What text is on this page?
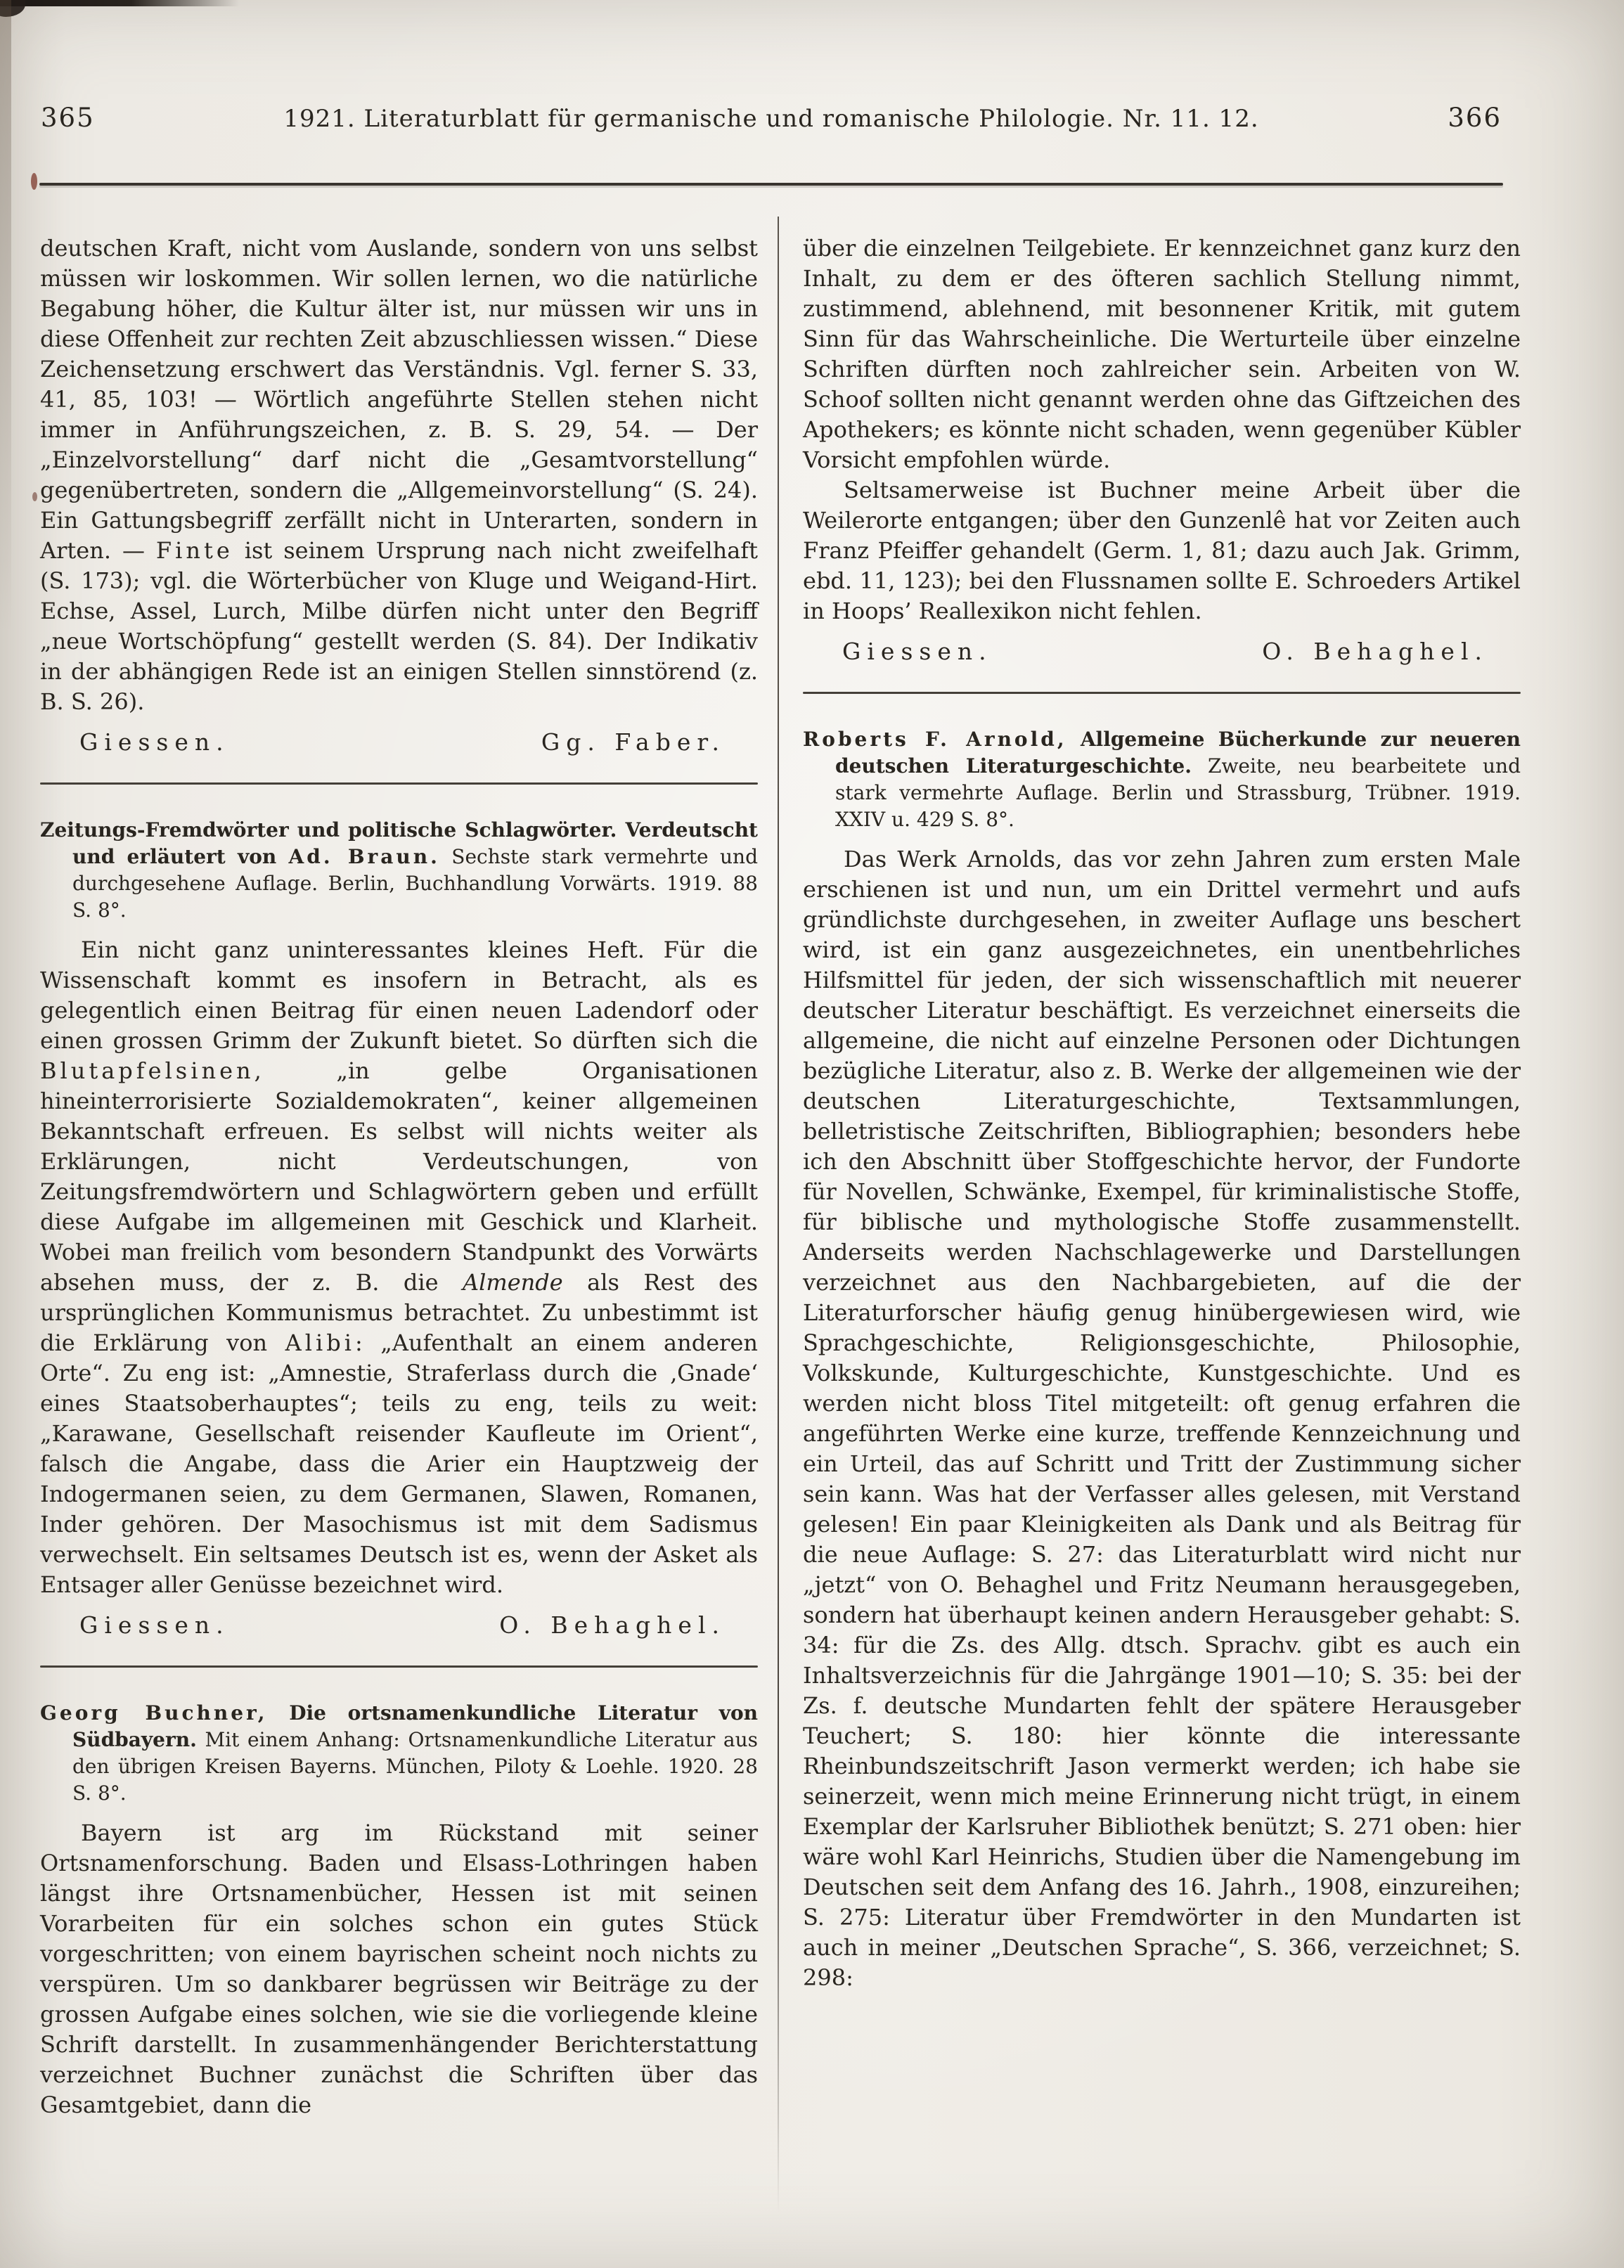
365	1921. Literaturblatt für germanische und romanische Philologie. Nr. 11. 12.	366

deutschen Kraft, nicht vom Auslande, sondern von uns selbst müssen wir loskommen. Wir sollen lernen, wo die natürliche Begabung höher, die Kultur älter ist, nur müssen wir uns in diese Offenheit zur rechten Zeit abzuschliessen wissen.“ Diese Zeichensetzung erschwert das Verständnis. Vgl. ferner S. 33, 41, 85, 103! — Wörtlich angeführte Stellen stehen nicht immer in Anführungszeichen, z. B. S. 29, 54. — Der „Einzelvorstellung“ darf nicht die „Gesamtvorstellung“ gegenübertreten, sondern die „Allgemeinvorstellung“ (S. 24). Ein Gattungsbegriff zerfällt nicht in Unterarten, sondern in Arten. — Finte ist seinem Ursprung nach nicht zweifelhaft (S. 173); vgl. die Wörterbücher von Kluge und Weigand-Hirt. Echse, Assel, Lurch, Milbe dürfen nicht unter den Begriff „neue Wortschöpfung“ gestellt werden (S. 84). Der Indikativ in der abhängigen Rede ist an einigen Stellen sinnstörend (z. B. S. 26).

Giessen.	Gg. Faber.

Zeitungs-Fremdwörter und politische Schlagwörter. Verdeutscht und erläutert von Ad. Braun. Sechste stark vermehrte und durchgesehene Auflage. Berlin, Buchhandlung Vorwärts. 1919. 88 S. 8°.

Ein nicht ganz uninteressantes kleines Heft. Für die Wissenschaft kommt es insofern in Betracht, als es gelegentlich einen Beitrag für einen neuen Ladendorf oder einen grossen Grimm der Zukunft bietet. So dürften sich die Blutapfelsinen, „in gelbe Organisationen hineinterrorisierte Sozialdemokraten“, keiner allgemeinen Bekanntschaft erfreuen. Es selbst will nichts weiter als Erklärungen, nicht Verdeutschungen, von Zeitungsfremdwörtern und Schlagwörtern geben und erfüllt diese Aufgabe im allgemeinen mit Geschick und Klarheit. Wobei man freilich vom besondern Standpunkt des Vorwärts absehen muss, der z. B. die Almende als Rest des ursprünglichen Kommunismus betrachtet. Zu unbestimmt ist die Erklärung von Alibi: „Aufenthalt an einem anderen Orte“. Zu eng ist: „Amnestie, Straferlass durch die ‚Gnade‘ eines Staatsoberhauptes“; teils zu eng, teils zu weit: „Karawane, Gesellschaft reisender Kaufleute im Orient“, falsch die Angabe, dass die Arier ein Hauptzweig der Indogermanen seien, zu dem Germanen, Slawen, Romanen, Inder gehören. Der Masochismus ist mit dem Sadismus verwechselt. Ein seltsames Deutsch ist es, wenn der Asket als Entsager aller Genüsse bezeichnet wird.

Giessen.	O. Behaghel.

Georg Buchner, Die ortsnamenkundliche Literatur von Südbayern. Mit einem Anhang: Ortsnamenkundliche Literatur aus den übrigen Kreisen Bayerns. München, Piloty & Loehle. 1920. 28 S. 8°.

Bayern ist arg im Rückstand mit seiner Ortsnamenforschung. Baden und Elsass-Lothringen haben längst ihre Ortsnamenbücher, Hessen ist mit seinen Vorarbeiten für ein solches schon ein gutes Stück vorgeschritten; von einem bayrischen scheint noch nichts zu verspüren. Um so dankbarer begrüssen wir Beiträge zu der grossen Aufgabe eines solchen, wie sie die vorliegende kleine Schrift darstellt. In zusammenhängender Berichterstattung verzeichnet Buchner zunächst die Schriften über das Gesamtgebiet, dann die

über die einzelnen Teilgebiete. Er kennzeichnet ganz kurz den Inhalt, zu dem er des öfteren sachlich Stellung nimmt, zustimmend, ablehnend, mit besonnener Kritik, mit gutem Sinn für das Wahrscheinliche. Die Werturteile über einzelne Schriften dürften noch zahlreicher sein. Arbeiten von W. Schoof sollten nicht genannt werden ohne das Giftzeichen des Apothekers; es könnte nicht schaden, wenn gegenüber Kübler Vorsicht empfohlen würde.

Seltsamerweise ist Buchner meine Arbeit über die Weilerorte entgangen; über den Gunzenlê hat vor Zeiten auch Franz Pfeiffer gehandelt (Germ. 1, 81; dazu auch Jak. Grimm, ebd. 11, 123); bei den Flussnamen sollte E. Schroeders Artikel in Hoops’ Reallexikon nicht fehlen.

Giessen.	O. Behaghel.

Roberts F. Arnold, Allgemeine Bücherkunde zur neueren deutschen Literaturgeschichte. Zweite, neu bearbeitete und stark vermehrte Auflage. Berlin und Strassburg, Trübner. 1919. XXIV u. 429 S. 8°.

Das Werk Arnolds, das vor zehn Jahren zum ersten Male erschienen ist und nun, um ein Drittel vermehrt und aufs gründlichste durchgesehen, in zweiter Auflage uns beschert wird, ist ein ganz ausgezeichnetes, ein unentbehrliches Hilfsmittel für jeden, der sich wissenschaftlich mit neuerer deutscher Literatur beschäftigt. Es verzeichnet einerseits die allgemeine, die nicht auf einzelne Personen oder Dichtungen bezügliche Literatur, also z. B. Werke der allgemeinen wie der deutschen Literaturgeschichte, Textsammlungen, belletristische Zeitschriften, Bibliographien; besonders hebe ich den Abschnitt über Stoffgeschichte hervor, der Fundorte für Novellen, Schwänke, Exempel, für kriminalistische Stoffe, für biblische und mythologische Stoffe zusammenstellt. Anderseits werden Nachschlagewerke und Darstellungen verzeichnet aus den Nachbargebieten, auf die der Literaturforscher häufig genug hinübergewiesen wird, wie Sprachgeschichte, Religionsgeschichte, Philosophie, Volkskunde, Kulturgeschichte, Kunstgeschichte. Und es werden nicht bloss Titel mitgeteilt: oft genug erfahren die angeführten Werke eine kurze, treffende Kennzeichnung und ein Urteil, das auf Schritt und Tritt der Zustimmung sicher sein kann. Was hat der Verfasser alles gelesen, mit Verstand gelesen! Ein paar Kleinigkeiten als Dank und als Beitrag für die neue Auflage: S. 27: das Literaturblatt wird nicht nur „jetzt“ von O. Behaghel und Fritz Neumann herausgegeben, sondern hat überhaupt keinen andern Herausgeber gehabt: S. 34: für die Zs. des Allg. dtsch. Sprachv. gibt es auch ein Inhaltsverzeichnis für die Jahrgänge 1901—10; S. 35: bei der Zs. f. deutsche Mundarten fehlt der spätere Herausgeber Teuchert; S. 180: hier könnte die interessante Rheinbundszeitschrift Jason vermerkt werden; ich habe sie seinerzeit, wenn mich meine Erinnerung nicht trügt, in einem Exemplar der Karlsruher Bibliothek benützt; S. 271 oben: hier wäre wohl Karl Heinrichs, Studien über die Namengebung im Deutschen seit dem Anfang des 16. Jahrh., 1908, einzureihen; S. 275: Literatur über Fremdwörter in den Mundarten ist auch in meiner „Deutschen Sprache“, S. 366, verzeichnet; S. 298:
